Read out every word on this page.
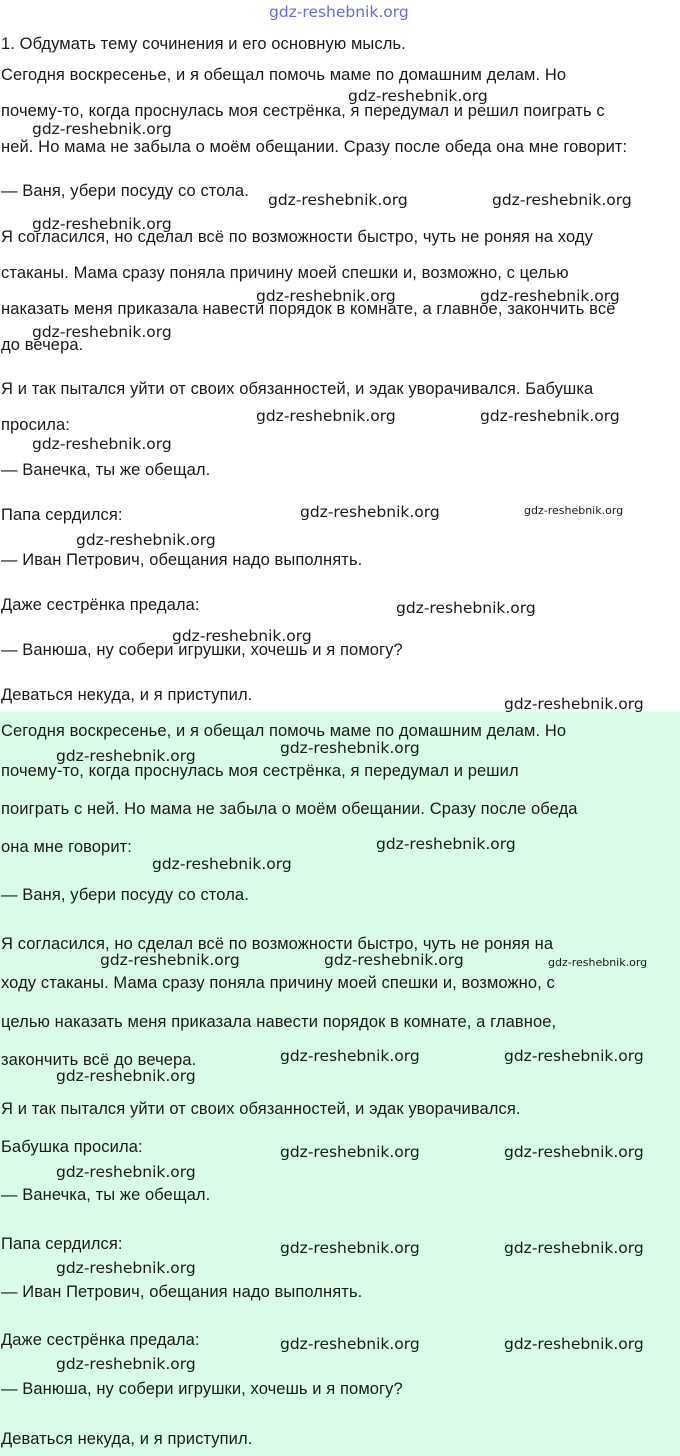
gdz-reshebnik.org
1. Обдумать тему сочинения и его основную мысль.
Сегодня воскресенье, и я обещал помочь маме по домашним делам. Но
почему-то, когда проснулась моя сестрёнка, я передумал и решил поиграть с
ней. Но мама не забыла о моём обещании. Сразу после обеда она мне говорит:
— Ваня, убери посуду со стола.
Я согласился, но сделал всё по возможности быстро, чуть не роняя на ходу
стаканы. Мама сразу поняла причину моей спешки и, возможно, с целью
наказать меня приказала навести порядок в комнате, а главное, закончить всё
до вечера.
Я и так пытался уйти от своих обязанностей, и эдак уворачивался. Бабушка
просила:
— Ванечка, ты же обещал.
Папа сердился:
— Иван Петрович, обещания надо выполнять.
Даже сестрёнка предала:
— Ванюша, ну собери игрушки, хочешь и я помогу?
Деваться некуда, и я приступил.
Сегодня воскресенье, и я обещал помочь маме по домашним делам. Но
почему-то, когда проснулась моя сестрёнка, я передумал и решил
поиграть с ней. Но мама не забыла о моём обещании. Сразу после обеда
она мне говорит:
— Ваня, убери посуду со стола.
Я согласился, но сделал всё по возможности быстро, чуть не роняя на
ходу стаканы. Мама сразу поняла причину моей спешки и, возможно, с
целью наказать меня приказала навести порядок в комнате, а главное,
закончить всё до вечера.
Я и так пытался уйти от своих обязанностей, и эдак уворачивался.
Бабушка просила:
— Ванечка, ты же обещал.
Папа сердился:
— Иван Петрович, обещания надо выполнять.
Даже сестрёнка предала:
— Ванюша, ну собери игрушки, хочешь и я помогу?
Деваться некуда, и я приступил.
gdz-reshebnik.org
gdz-reshebnik.org
gdz-reshebnik.org	gdz-reshebnik.org
gdz-reshebnik.org
gdz-reshebnik.org	gdz-reshebnik.org
gdz-reshebnik.org
gdz-reshebnik.org	gdz-reshebnik.org
gdz-reshebnik.org
gdz-reshebnik.org	gdz-reshebnik.org
gdz-reshebnik.org
gdz-reshebnik.org
gdz-reshebnik.org
gdz-reshebnik.org
gdz-reshebnik.org
gdz-reshebnik.org
gdz-reshebnik.org
gdz-reshebnik.org
gdz-reshebnik.org	gdz-reshebnik.org	gdz-reshebnik.org
gdz-reshebnik.org	gdz-reshebnik.org
gdz-reshebnik.org
gdz-reshebnik.org	gdz-reshebnik.org
gdz-reshebnik.org
gdz-reshebnik.org	gdz-reshebnik.org
gdz-reshebnik.org
gdz-reshebnik.org	gdz-reshebnik.org
gdz-reshebnik.org
